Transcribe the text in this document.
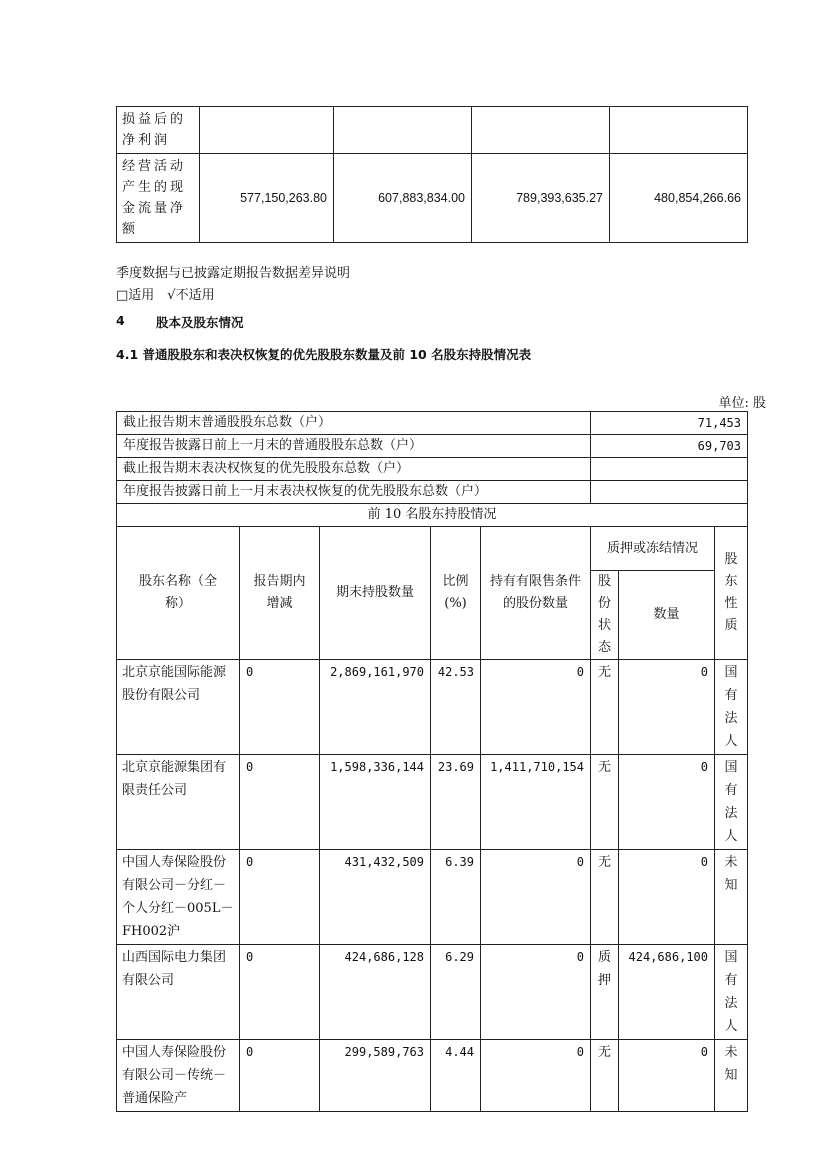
损益后的净利润				
经营活动产生的现金流量净额	577,150,263.80	607,883,834.00	789,393,635.27	480,854,266.66
季度数据与已披露定期报告数据差异说明
□适用　√不适用
4	股本及股东情况
4.1 普通股股东和表决权恢复的优先股股东数量及前 10 名股东持股情况表
单位: 股
截止报告期末普通股股东总数（户）					71,453		
年度报告披露日前上一月末的普通股股东总数（户）					69,703		
截止报告期末表决权恢复的优先股股东总数（户）							
年度报告披露日前上一月末表决权恢复的优先股股东总数（户）							
前 10 名股东持股情况							
股东名称（全称）	报告期内增减	期末持股数量	比例(%)	持有有限售条件的股份数量	质押或冻结情况		股东性质
					股份状态	数量	
北京京能国际能源股份有限公司	0	2,869,161,970	42.53	0	无	0	国有法人
北京京能源集团有限责任公司	0	1,598,336,144	23.69	1,411,710,154	无	0	国有法人
中国人寿保险股份有限公司－分红－个人分红－005L－FH002沪	0	431,432,509	6.39	0	无	0	未知
山西国际电力集团有限公司	0	424,686,128	6.29	0	质押	424,686,100	国有法人
中国人寿保险股份有限公司－传统－普通保险产	0	299,589,763	4.44	0	无	0	未知
